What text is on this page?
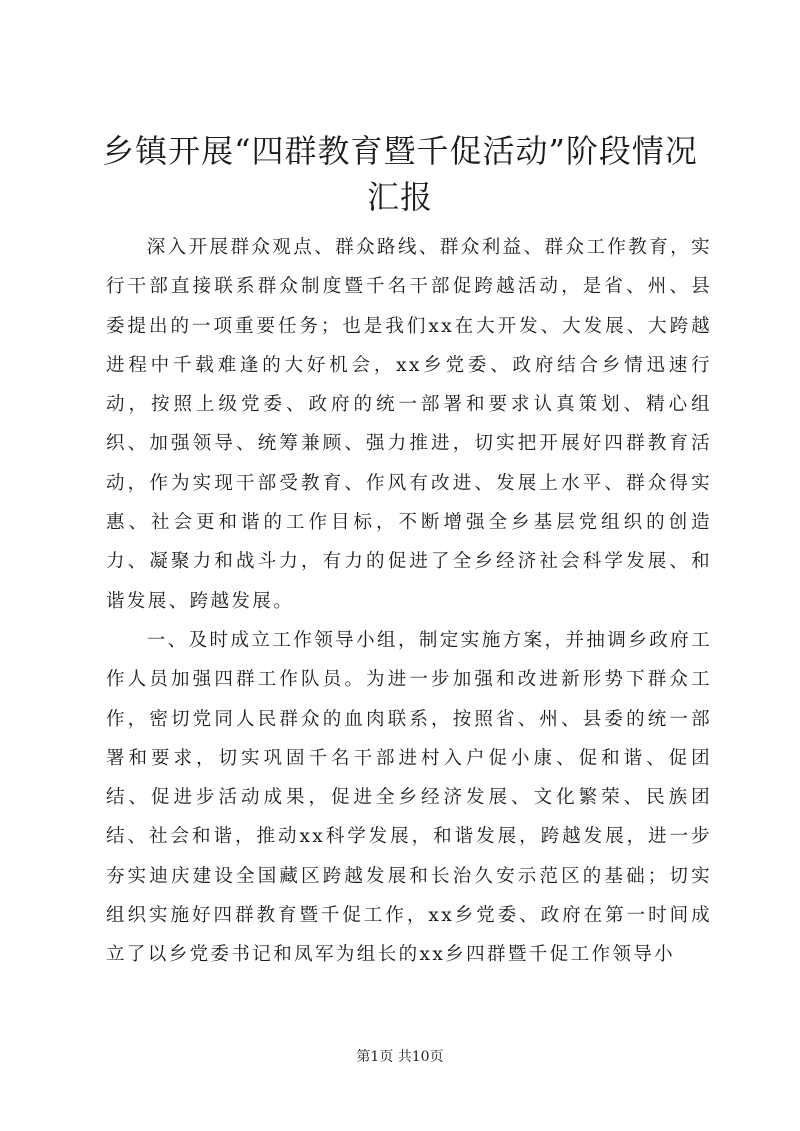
乡镇开展“四群教育暨千促活动”阶段情况汇报

深入开展群众观点、群众路线、群众利益、群众工作教育，实行干部直接联系群众制度暨千名干部促跨越活动，是省、州、县委提出的一项重要任务；也是我们xx在大开发、大发展、大跨越进程中千载难逢的大好机会，xx乡党委、政府结合乡情迅速行动，按照上级党委、政府的统一部署和要求认真策划、精心组织、加强领导、统筹兼顾、强力推进，切实把开展好四群教育活动，作为实现干部受教育、作风有改进、发展上水平、群众得实惠、社会更和谐的工作目标，不断增强全乡基层党组织的创造力、凝聚力和战斗力，有力的促进了全乡经济社会科学发展、和谐发展、跨越发展。

一、及时成立工作领导小组，制定实施方案，并抽调乡政府工作人员加强四群工作队员。为进一步加强和改进新形势下群众工作，密切党同人民群众的血肉联系，按照省、州、县委的统一部署和要求，切实巩固千名干部进村入户促小康、促和谐、促团结、促进步活动成果，促进全乡经济发展、文化繁荣、民族团结、社会和谐，推动xx科学发展，和谐发展，跨越发展，进一步夯实迪庆建设全国藏区跨越发展和长治久安示范区的基础；切实组织实施好四群教育暨千促工作，xx乡党委、政府在第一时间成立了以乡党委书记和凤军为组长的xx乡四群暨千促工作领导小

第1页 共10页
